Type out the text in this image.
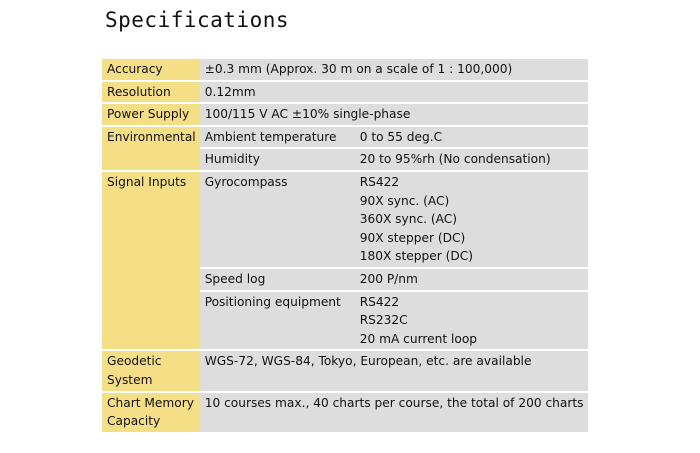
Specifications
Accuracy	±0.3 mm (Approx. 30 m on a scale of 1 : 100,000)	
Resolution	0.12mm	
Power Supply	100/115 V AC ±10% single-phase	
Environmental	Ambient temperature	0 to 55 deg.C
	Humidity	20 to 95%rh (No condensation)
Signal Inputs	Gyrocompass	RS422
90X sync. (AC)
360X sync. (AC)
90X stepper (DC)
180X stepper (DC)

	Speed log	200 P/nm
	Positioning equipment	RS422
RS232C
20 mA current loop

Geodetic System	WGS-72, WGS-84, Tokyo, European, etc. are available	

Chart Memory
Capacity	10 courses max., 40 charts per course, the total of 200 charts	
